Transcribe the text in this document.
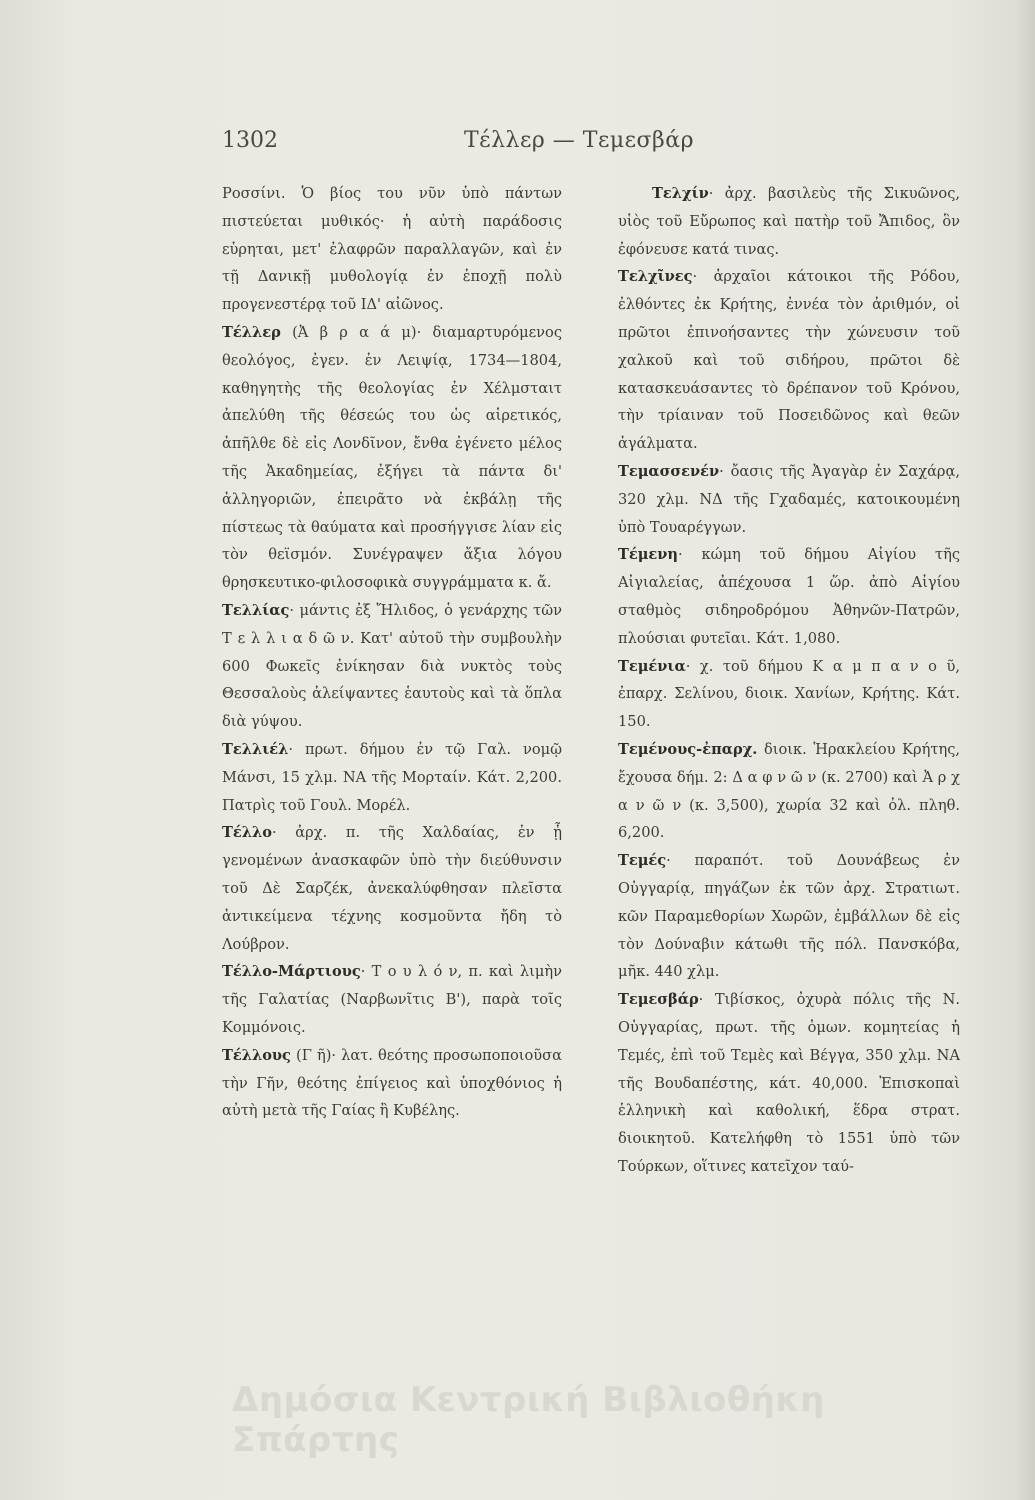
1302	Τέλλερ — Τεμεσβάρ

Ροσσίνι. Ὁ βίος του νῦν ὑπὸ πάντων πιστεύεται μυθικός· ἡ αὐτὴ παράδοσις εὑρηται, μετ' ἐλαφρῶν παραλλαγῶν, καὶ ἐν τῇ Δανικῇ μυθολογίᾳ ἐν ἐποχῇ πολὺ προγενεστέρᾳ τοῦ ΙΔ' αἰῶνος.

Τέλλερ (Ἀ β ρ α ά μ)· διαμαρτυρόμενος θεολόγος, ἐγεν. ἐν Λειψίᾳ, 1734—1804, καθηγητὴς τῆς θεολογίας ἐν Χέλμσταιτ ἀπελύθη τῆς θέσεώς του ὡς αἱρετικός, ἀπῆλθε δὲ εἰς Λονδῖνον, ἔνθα ἐγένετο μέλος τῆς Ἀκαδημείας, ἐξήγει τὰ πάντα δι' ἀλληγοριῶν, ἐπειρᾶτο νὰ ἐκβάλῃ τῆς πίστεως τὰ θαύματα καὶ προσήγγισε λίαν εἰς τὸν θεϊσμόν. Συνέγραψεν ἄξια λόγου θρησκευτικο-φιλοσοφικὰ συγγράμματα κ. ἄ.

Τελλίας· μάντις ἐξ Ἤλιδος, ὁ γενάρχης τῶν Τ ε λ λ ι α δ ῶ ν. Κατ' αὐτοῦ τὴν συμβουλὴν 600 Φωκεῖς ἐνίκησαν διὰ νυκτὸς τοὺς Θεσσαλοὺς ἀλείψαντες ἑαυτοὺς καὶ τὰ ὅπλα διὰ γύψου.

Τελλιέλ· πρωτ. δήμου ἐν τῷ Γαλ. νομῷ Μάνσι, 15 χλμ. ΝΑ τῆς Μορταίν. Κάτ. 2,200. Πατρὶς τοῦ Γουλ. Μορέλ.

Τέλλο· ἀρχ. π. τῆς Χαλδαίας, ἐν ᾗ γενομένων ἀνασκαφῶν ὑπὸ τὴν διεύθυνσιν τοῦ Δὲ Σαρζέκ, ἀνεκαλύφθησαν πλεῖστα ἀντικείμενα τέχνης κοσμοῦντα ἤδη τὸ Λούβρον.

Τέλλο-Μάρτιους· Τ ο υ λ ό ν, π. καὶ λιμὴν τῆς Γαλατίας (Ναρβωνῖτις Β'), παρὰ τοῖς Κομμόνοις.

Τέλλους (Γ ῆ)· λατ. θεότης προσωποποιοῦσα τὴν Γῆν, θεότης ἐπίγειος καὶ ὑποχθόνιος ἡ αὐτὴ μετὰ τῆς Γαίας ἢ Κυβέλης.

Τελχίν· ἀρχ. βασιλεὺς τῆς Σικυῶνος, υἱὸς τοῦ Εὔρωπος καὶ πατὴρ τοῦ Ἄπιδος, ὃν ἐφόνευσε κατά τινας.

Τελχῖνες· ἀρχαῖοι κάτοικοι τῆς Ρόδου, ἐλθόντες ἐκ Κρήτης, ἐννέα τὸν ἀριθμόν, οἱ πρῶτοι ἐπινοήσαντες τὴν χώνευσιν τοῦ χαλκοῦ καὶ τοῦ σιδήρου, πρῶτοι δὲ κατασκευάσαντες τὸ δρέπανον τοῦ Κρόνου, τὴν τρίαιναν τοῦ Ποσειδῶνος καὶ θεῶν ἀγάλματα.

Τεμασσενέν· ὄασις τῆς Ἀγαγὰρ ἐν Σαχάρᾳ, 320 χλμ. ΝΔ τῆς Γχαδαμές, κατοικουμένη ὑπὸ Τουαρέγγων.

Τέμενη· κώμη τοῦ δήμου Αἰγίου τῆς Αἰγιαλείας, ἀπέχουσα 1 ὥρ. ἀπὸ Αἰγίου σταθμὸς σιδηροδρόμου Ἀθηνῶν-Πατρῶν, πλούσιαι φυτεῖαι. Κάτ. 1,080.

Τεμένια· χ. τοῦ δήμου Κ α μ π α ν ο ῦ, ἐπαρχ. Σελίνου, διοικ. Χανίων, Κρήτης. Κάτ. 150.

Τεμένους-ἐπαρχ. διοικ. Ἡρακλείου Κρήτης, ἔχουσα δήμ. 2: Δ α φ ν ῶ ν (κ. 2700) καὶ Ἀ ρ χ α ν ῶ ν (κ. 3,500), χωρία 32 καὶ ὀλ. πληθ. 6,200.

Τεμές· παραπότ. τοῦ Δουνάβεως ἐν Οὑγγαρίᾳ, πηγάζων ἐκ τῶν ἀρχ. Στρατιωτ. κῶν Παραμεθορίων Χωρῶν, ἐμβάλλων δὲ εἰς τὸν Δούναβιν κάτωθι τῆς πόλ. Πανσκόβα, μῆκ. 440 χλμ.

Τεμεσβάρ· Τιβίσκος, ὀχυρὰ πόλις τῆς Ν. Οὑγγαρίας, πρωτ. τῆς ὁμων. κομητείας ἡ Τεμές, ἐπὶ τοῦ Τεμὲς καὶ Βέγγα, 350 χλμ. ΝΑ τῆς Βουδαπέστης, κάτ. 40,000. Ἐπισκοπαὶ ἑλληνικὴ καὶ καθολική, ἕδρα στρατ. διοικητοῦ. Κατελήφθη τὸ 1551 ὑπὸ τῶν Τούρκων, οἵτινες κατεῖχον ταύ-

Δημόσια Κεντρική Βιβλιοθήκη Σπάρτης
